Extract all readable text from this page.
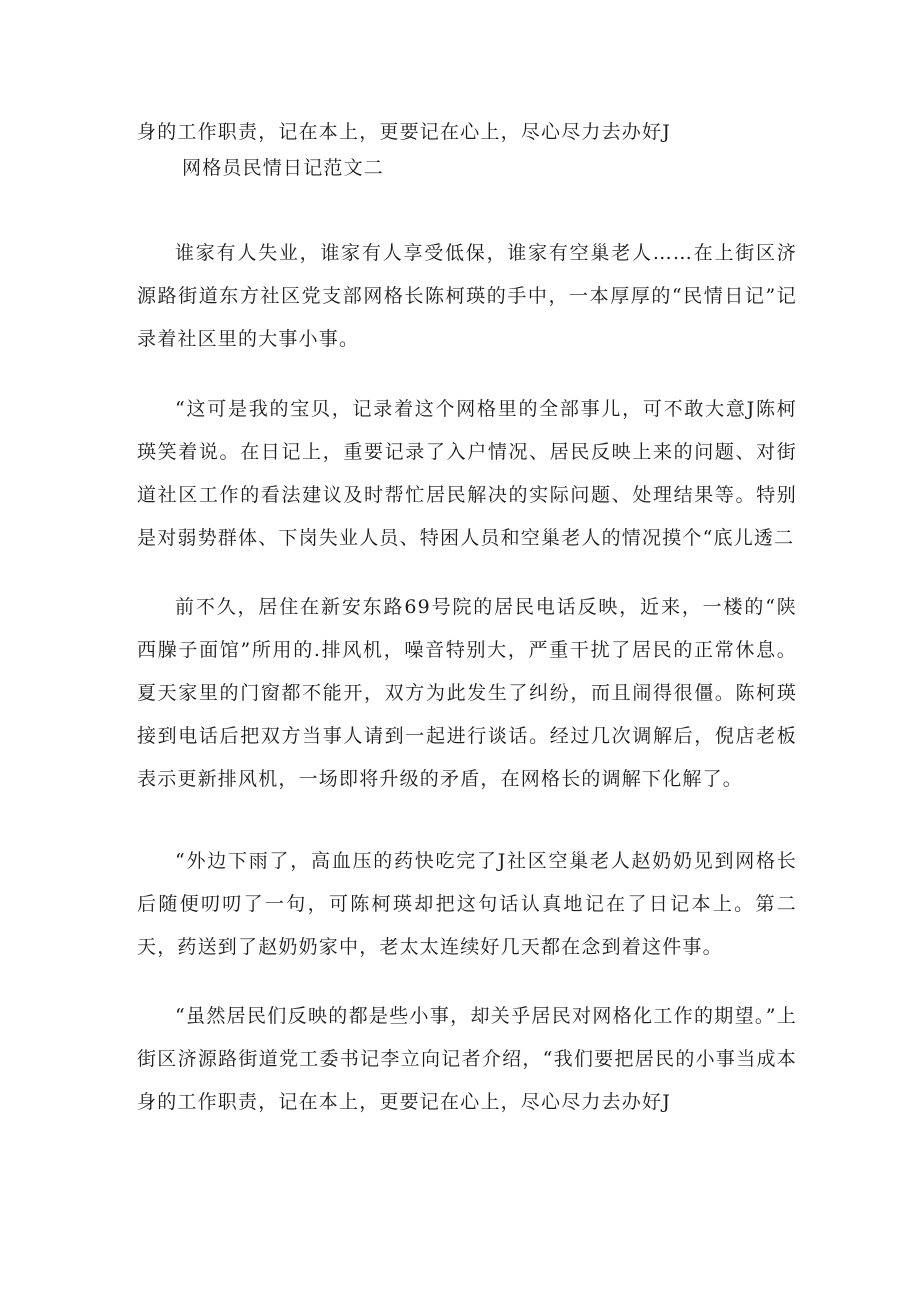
身的工作职责，记在本上，更要记在心上，尽心尽力去办好J

网格员民情日记范文二

谁家有人失业，谁家有人享受低保，谁家有空巢老人……在上街区济源路街道东方社区党支部网格长陈柯瑛的手中，一本厚厚的“民情日记”记录着社区里的大事小事。

“这可是我的宝贝，记录着这个网格里的全部事儿，可不敢大意J陈柯瑛笑着说。在日记上，重要记录了入户情况、居民反映上来的问题、对街道社区工作的看法建议及时帮忙居民解决的实际问题、处理结果等。特别是对弱势群体、下岗失业人员、特困人员和空巢老人的情况摸个“底儿透二

前不久，居住在新安东路69号院的居民电话反映，近来，一楼的“陕西臊子面馆”所用的.排风机，噪音特别大，严重干扰了居民的正常休息。夏天家里的门窗都不能开，双方为此发生了纠纷，而且闹得很僵。陈柯瑛接到电话后把双方当事人请到一起进行谈话。经过几次调解后，倪店老板表示更新排风机，一场即将升级的矛盾，在网格长的调解下化解了。

“外边下雨了，高血压的药快吃完了J社区空巢老人赵奶奶见到网格长后随便叨叨了一句，可陈柯瑛却把这句话认真地记在了日记本上。第二天，药送到了赵奶奶家中，老太太连续好几天都在念到着这件事。

“虽然居民们反映的都是些小事，却关乎居民对网格化工作的期望。”上街区济源路街道党工委书记李立向记者介绍，“我们要把居民的小事当成本身的工作职责，记在本上，更要记在心上，尽心尽力去办好J
